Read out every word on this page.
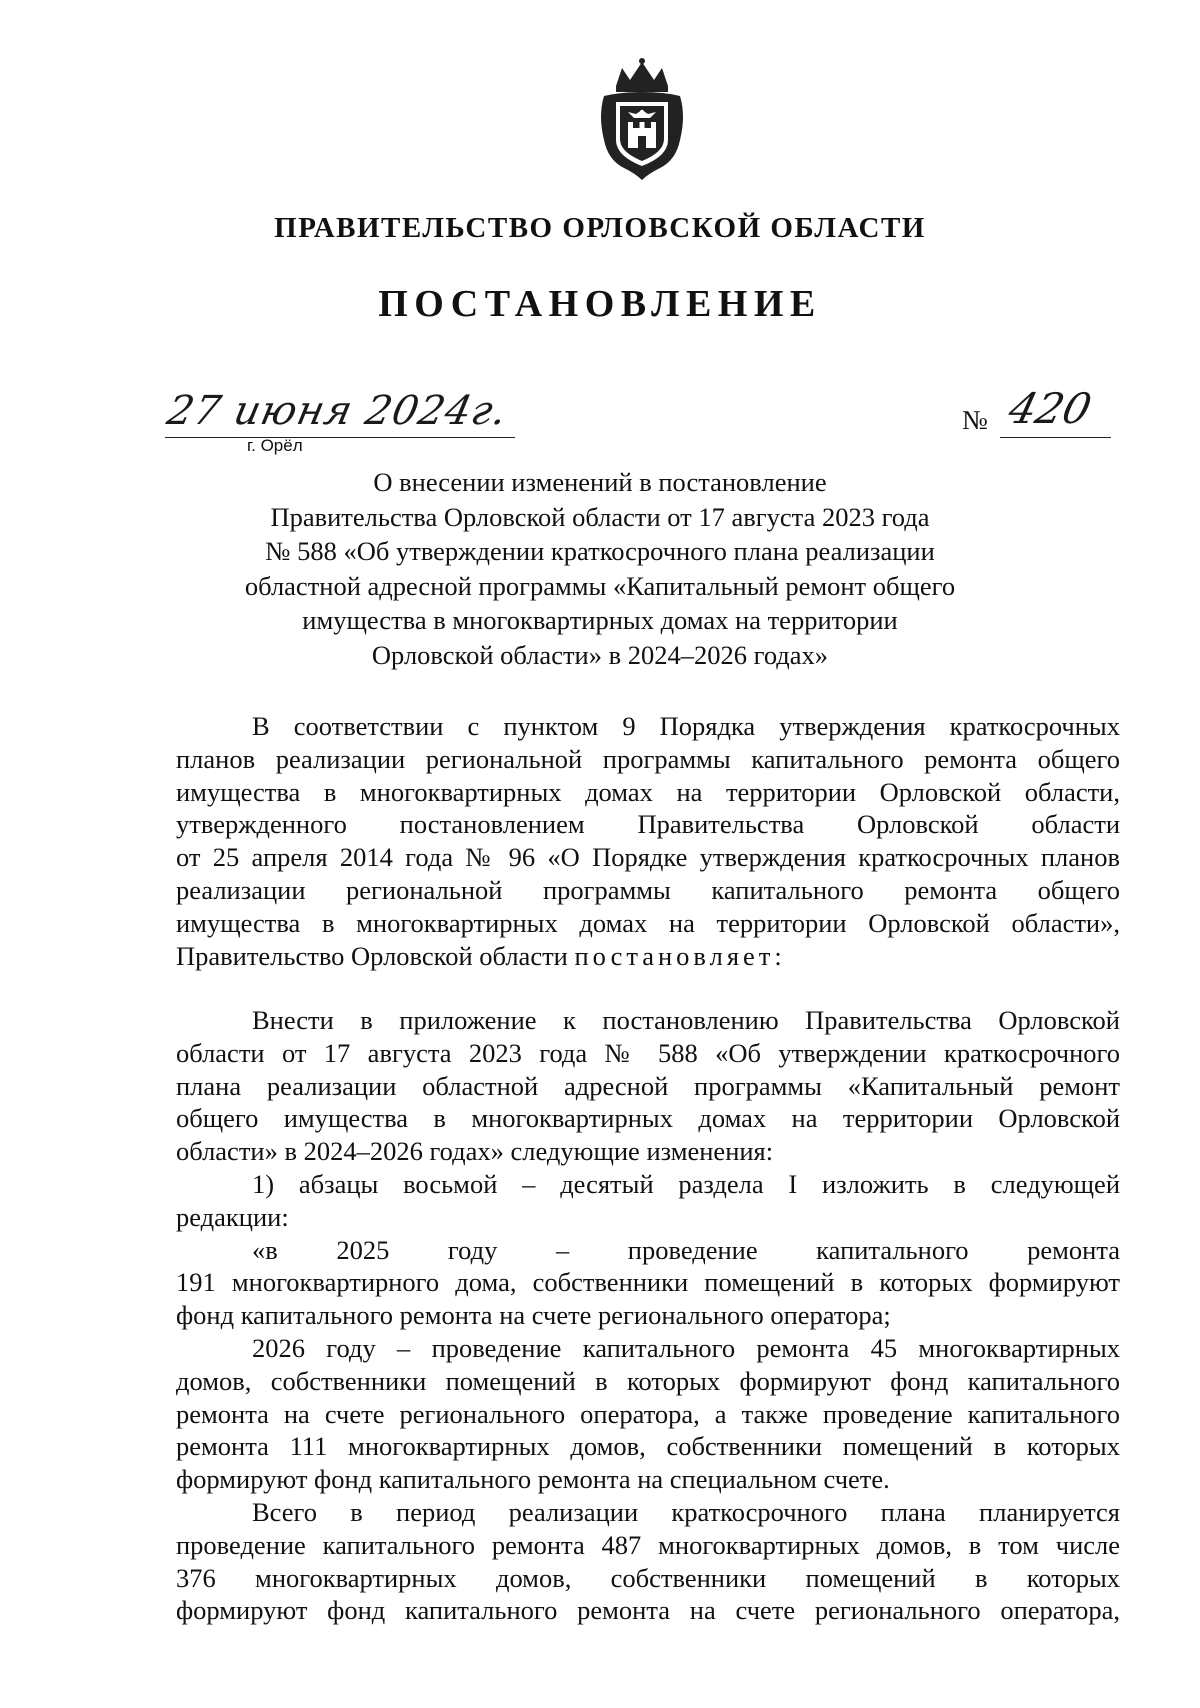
ПРАВИТЕЛЬСТВО ОРЛОВСКОЙ ОБЛАСТИ
ПОСТАНОВЛЕНИЕ
27 июня 2024г.
г. Орёл
№ 420
О внесении изменений в постановление
Правительства Орловской области от 17 августа 2023 года
№ 588 «Об утверждении краткосрочного плана реализации
областной адресной программы «Капитальный ремонт общего
имущества в многоквартирных домах на территории
Орловской области» в 2024–2026 годах»
В соответствии с пунктом 9 Порядка утверждения краткосрочных
планов реализации региональной программы капитального ремонта общего
имущества в многоквартирных домах на территории Орловской области,
утвержденного постановлением Правительства Орловской области
от 25 апреля 2014 года № 96 «О Порядке утверждения краткосрочных планов
реализации региональной программы капитального ремонта общего
имущества в многоквартирных домах на территории Орловской области»,
Правительство Орловской области постановляет:
Внести в приложение к постановлению Правительства Орловской
области от 17 августа 2023 года № 588 «Об утверждении краткосрочного
плана реализации областной адресной программы «Капитальный ремонт
общего имущества в многоквартирных домах на территории Орловской
области» в 2024–2026 годах» следующие изменения:
1) абзацы восьмой – десятый раздела I изложить в следующей
редакции:
«в 2025 году – проведение капитального ремонта
191 многоквартирного дома, собственники помещений в которых формируют
фонд капитального ремонта на счете регионального оператора;
2026 году – проведение капитального ремонта 45 многоквартирных
домов, собственники помещений в которых формируют фонд капитального
ремонта на счете регионального оператора, а также проведение капитального
ремонта 111 многоквартирных домов, собственники помещений в которых
формируют фонд капитального ремонта на специальном счете.
Всего в период реализации краткосрочного плана планируется
проведение капитального ремонта 487 многоквартирных домов, в том числе
376 многоквартирных домов, собственники помещений в которых
формируют фонд капитального ремонта на счете регионального оператора,
